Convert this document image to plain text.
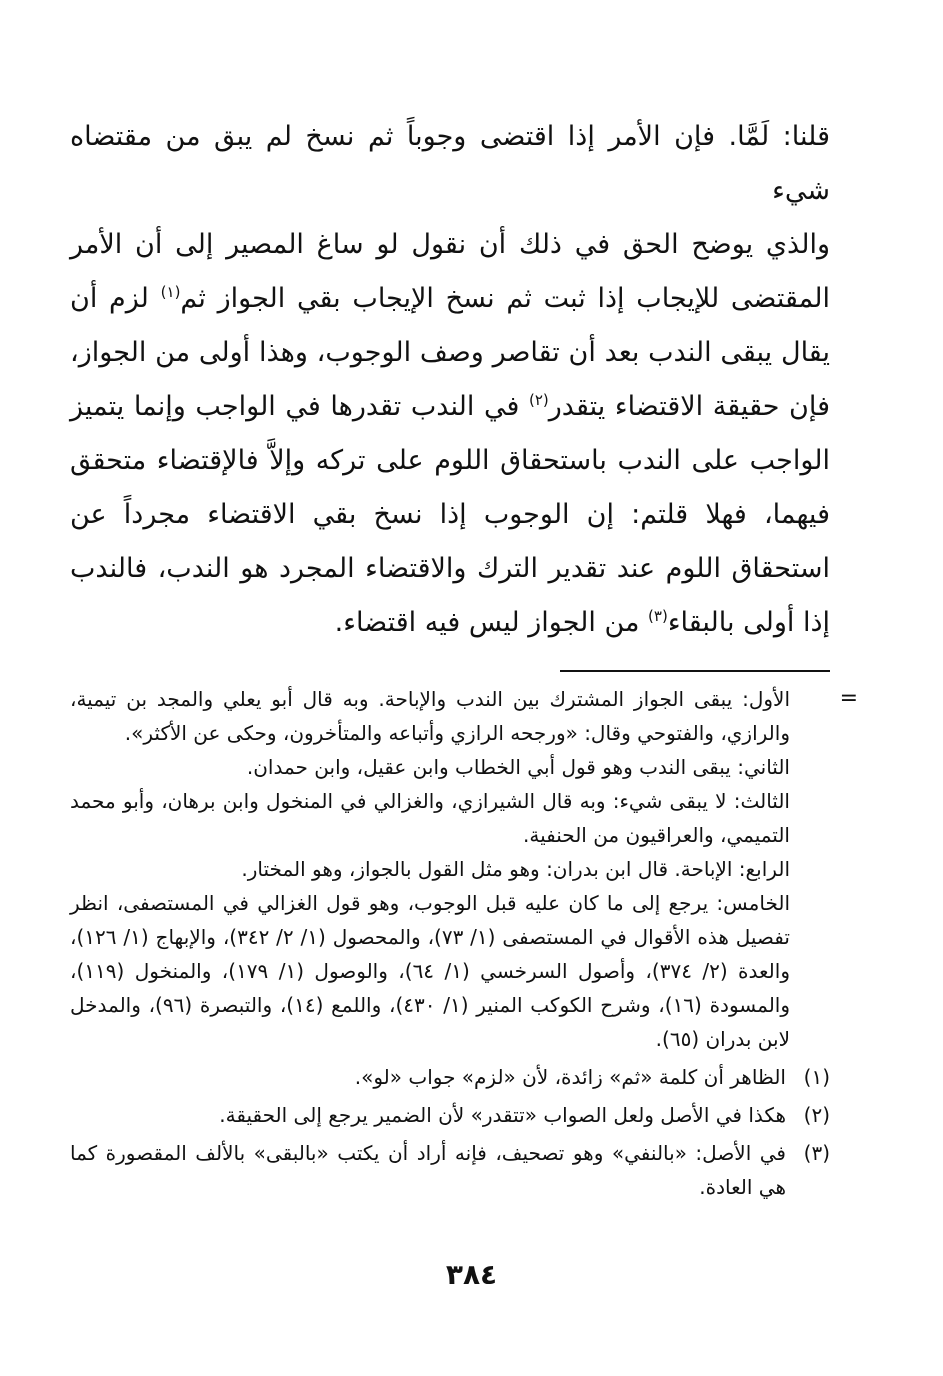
قلنا: لَمَّا. فإن الأمر إذا اقتضى وجوباً ثم نسخ لم يبق من مقتضاه شيء
والذي يوضح الحق في ذلك أن نقول لو ساغ المصير إلى أن الأمر المقتضى للإيجاب إذا ثبت ثم نسخ الإيجاب بقي الجواز ثم$^{(١)}$ لزم أن يقال يبقى الندب بعد أن تقاصر وصف الوجوب، وهذا أولى من الجواز، فإن حقيقة الاقتضاء يتقدر$^{(٢)}$ في الندب تقدرها في الواجب وإنما يتميز الواجب على الندب باستحقاق اللوم على تركه وإلاَّ فالإقتضاء متحقق فيهما، فهلا قلتم: إن الوجوب إذا نسخ بقي الاقتضاء مجرداً عن استحقاق اللوم عند تقدير الترك والاقتضاء المجرد هو الندب، فالندب إذا أولى بالبقاء$^{(٣)}$ من الجواز ليس فيه اقتضاء.
=

الأول: يبقى الجواز المشترك بين الندب والإباحة. وبه قال أبو يعلي والمجد بن تيمية، والرازي، والفتوحي وقال: «ورجحه الرازي وأتباعه والمتأخرون، وحكى عن الأكثر».

الثاني: يبقى الندب وهو قول أبي الخطاب وابن عقيل، وابن حمدان.

الثالث: لا يبقى شيء: وبه قال الشيرازي، والغزالي في المنخول وابن برهان، وأبو محمد التميمي، والعراقيون من الحنفية.

الرابع: الإباحة. قال ابن بدران: وهو مثل القول بالجواز، وهو المختار.

الخامس: يرجع إلى ما كان عليه قبل الوجوب، وهو قول الغزالي في المستصفى، انظر تفصيل هذه الأقوال في المستصفى (١/ ٧٣)، والمحصول (١/ ٢/ ٣٤٢)، والإبهاج (١/ ١٢٦)، والعدة (٢/ ٣٧٤)، وأصول السرخسي (١/ ٦٤)، والوصول (١/ ١٧٩)، والمنخول (١١٩)، والمسودة (١٦)، وشرح الكوكب المنير (١/ ٤٣٠)، واللمع (١٤)، والتبصرة (٩٦)، والمدخل لابن بدران (٦٥).

(١)
الظاهر أن كلمة «ثم» زائدة، لأن «لزم» جواب «لو».
(٢)
هكذا في الأصل ولعل الصواب «تتقدر» لأن الضمير يرجع إلى الحقيقة.
(٣)
في الأصل: «بالنفي» وهو تصحيف، فإنه أراد أن يكتب «بالبقى» بالألف المقصورة كما هي العادة.
٣٨٤
